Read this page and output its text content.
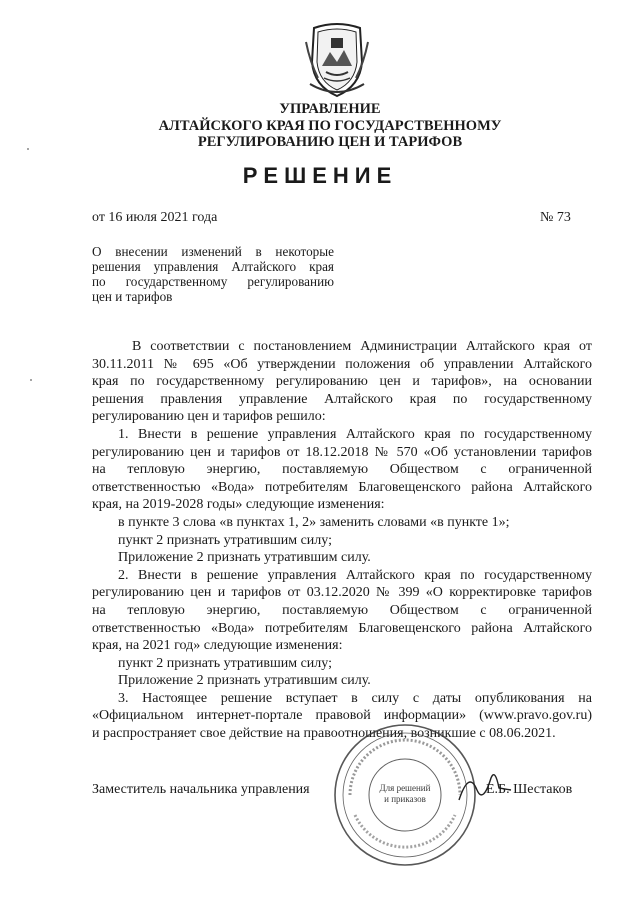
УПРАВЛЕНИЕ
АЛТАЙСКОГО КРАЯ ПО ГОСУДАРСТВЕННОМУ
РЕГУЛИРОВАНИЮ ЦЕН И ТАРИФОВ
РЕШЕНИЕ
от 16 июля 2021 года	№ 73
О внесении изменений в некоторые
решения управления Алтайского края
по государственному регулированию
цен и тарифов
В соответствии с постановлением Администрации Алтайского края от
30.11.2011 № 695 «Об утверждении положения об управлении Алтайского
края по государственному регулированию цен и тарифов», на основании
решения правления управление Алтайского края по государственному
регулированию цен и тарифов решило:
1. Внести в решение управления Алтайского края по государственному
регулированию цен и тарифов от 18.12.2018 № 570 «Об установлении тарифов
на тепловую энергию, поставляемую Обществом с ограниченной
ответственностью «Вода» потребителям Благовещенского района Алтайского
края, на 2019-2028 годы» следующие изменения:
в пункте 3 слова «в пунктах 1, 2» заменить словами «в пункте 1»;
пункт 2 признать утратившим силу;
Приложение 2 признать утратившим силу.
2. Внести в решение управления Алтайского края по государственному
регулированию цен и тарифов от 03.12.2020 № 399 «О корректировке тарифов
на тепловую энергию, поставляемую Обществом с ограниченной
ответственностью «Вода» потребителям Благовещенского района Алтайского
края, на 2021 год» следующие изменения:
пункт 2 признать утратившим силу;
Приложение 2 признать утратившим силу.
3. Настоящее решение вступает в силу с даты опубликования на
«Официальном интернет-портале правовой информации» (www.pravo.gov.ru)
и распространяет свое действие на правоотношения, возникшие с 08.06.2021.
Для решений
и приказов
Заместитель начальника управления	Е.Б. Шестаков
